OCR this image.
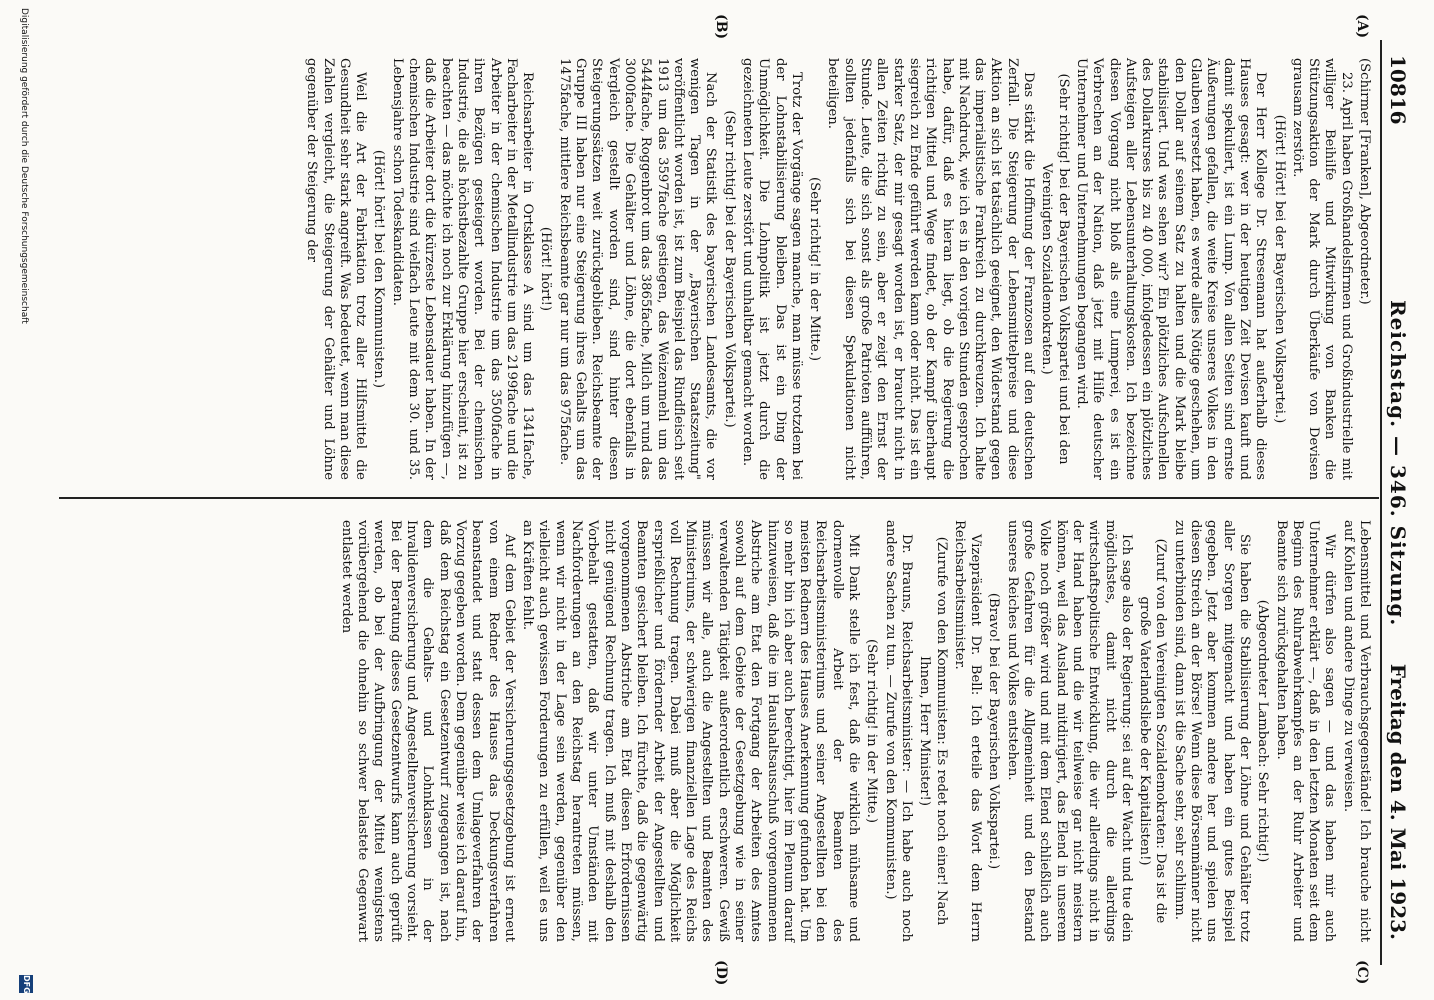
10816
Reichstag. — 346. Sitzung.
Freitag den 4. Mai 1923.
(A)
(B)
(C)
(D)

(Schirmer [Franken], Abgeordneter.)

23. April haben Großhandelsfirmen und Großindustrielle mit williger Beihilfe und Mitwirkung von Banken die Stützungsaktion der Mark durch Überkäufe von Devisen grausam zerstört.

(Hört! Hört! bei der Bayerischen Volkspartei.)

Der Herr Kollege Dr. Stresemann hat außerhalb dieses Hauses gesagt: wer in der heutigen Zeit Devisen kauft und damit spekuliert, ist ein Lump. Von allen Seiten sind ernste Äußerungen gefallen, die weite Kreise unseres Volkes in den Glauben versetzt haben, es werde alles Nötige geschehen, um den Dollar auf seinem Satz zu halten und die Mark bleibe stabilisiert. Und was sehen wir? Ein plötzliches Aufschnellen des Dollarkurses bis zu 40 000, infolgedessen ein plötzliches Aufsteigen aller Lebensunterhaltungskosten. Ich bezeichne diesen Vorgang nicht bloß als eine Lumperei, es ist ein Verbrechen an der Nation, daß jetzt mit Hilfe deutscher Unternehmer und Unternehmungen begangen wird.

(Sehr richtig! bei der Bayerischen Volkspartei und bei den Vereinigten Sozialdemokraten.)

Das stärkt die Hoffnung der Franzosen auf den deutschen Zerfall. Die Steigerung der Lebensmittelpreise und diese Aktion an sich ist tatsächlich geeignet, den Widerstand gegen das imperialistische Frankreich zu durchkreuzen. Ich halte mit Nachdruck, wie ich es in den vorigen Stunden gesprochen habe, dafür, daß es hieran liegt, ob die Regierung die richtigen Mittel und Wege findet, ob der Kampf überhaupt siegreich zu Ende geführt werden kann oder nicht. Das ist ein starker Satz, der mir gesagt worden ist, er braucht nicht in allen Zeiten richtig zu sein, aber er zeigt den Ernst der Stunde. Leute, die sich sonst als große Patrioten aufführen, sollten jedenfalls sich bei diesen Spekulationen nicht beteiligen.

(Sehr richtig! in der Mitte.)

Trotz der Vorgänge sagen manche, man müsse trotzdem bei der Lohnstabilisierung bleiben. Das ist ein Ding der Unmöglichkeit. Die Lohnpolitik ist jetzt durch die gezeichneten Leute zerstört und unhaltbar gemacht worden.

(Sehr richtig! bei der Bayerischen Volkspartei.)

Nach der Statistik des bayerischen Landesamts, die vor wenigen Tagen in der „Bayerischen Staatszeitung" veröffentlicht worden ist, ist zum Beispiel das Rindfleisch seit 1913 um das 3597fache gestiegen, das Weizenmehl um das 5444fache, Roggenbrot um das 3865fache, Milch um rund das 3000fache. Die Gehälter und Löhne, die dort ebenfalls in Vergleich gestellt worden sind, sind hinter diesen Steigerungssätzen weit zurückgeblieben. Reichsbeamte der Gruppe III haben nur eine Steigerung ihres Gehalts um das 1475fache, mittlere Reichsbeamte gar nur um das 975fache.

(Hört! hört!)

Reichsarbeiter in Ortsklasse A sind um das 1341fache, Facharbeiter in der Metallindustrie um das 2199fache und die Arbeiter in der chemischen Industrie um das 3500fache in ihren Bezügen gesteigert worden. Bei der chemischen Industrie, die als höchstbezahlte Gruppe hier erscheint, ist zu beachten — das möchte ich noch zur Erklärung hinzufügen —, daß die Arbeiter dort die kürzeste Lebensdauer haben. In der chemischen Industrie sind vielfach Leute mit dem 30. und 35. Lebensjahre schon Todeskandidaten.

(Hört! hört! bei den Kommunisten.)

Weil die Art der Fabrikation trotz aller Hilfsmittel die Gesundheit sehr stark angreift. Was bedeutet, wenn man diese Zahlen vergleicht, die Steigerung der Gehälter und Löhne gegenüber der Steigerung der

Lebensmittel und Verbrauchsgegenstände! Ich brauche nicht auf Kohlen und andere Dinge zu verweisen.

Wir dürfen also sagen — und das haben mir auch Unternehmer erklärt —, daß in den letzten Monaten seit dem Beginn des Ruhrabwehrkampfes an der Ruhr Arbeiter und Beamte sich zurückgehalten haben.

(Abgeordneter Lambach: Sehr richtig!)

Sie haben die Stabilisierung der Löhne und Gehälter trotz aller Sorgen mitgemacht und haben ein gutes Beispiel gegeben. Jetzt aber kommen andere her und spielen uns diesen Streich an der Börse! Wenn diese Börsenmänner nicht zu unterbinden sind, dann ist die Sache sehr, sehr schlimm.

(Zuruf von den Vereinigten Sozialdemokraten: Das ist die große Vaterlandsliebe der Kapitalisten!)

Ich sage also der Regierung: sei auf der Wacht und tue dein möglichstes, damit nicht durch die allerdings wirtschaftspolitische Entwicklung, die wir allerdings nicht in der Hand haben und die wir teilweise gar nicht meistern können, weil das Ausland mitdirigiert, das Elend in unserem Volke noch größer wird und mit dem Elend schließlich auch große Gefahren für die Allgemeinheit und den Bestand unseres Reiches und Volkes entstehen.

(Bravo! bei der Bayerischen Volkspartei.)

Vizepräsident Dr. Bell: Ich erteile das Wort dem Herrn Reichsarbeitsminister.

(Zurufe von den Kommunisten: Es redet noch einer! Nach Ihnen, Herr Minister!)

Dr. Brauns, Reichsarbeitsminister: — Ich habe auch noch andere Sachen zu tun. — Zurufe von den Kommunisten.)

(Sehr richtig! in der Mitte.)

Mit Dank stelle ich fest, daß die wirklich mühsame und dornenvolle Arbeit der Beamten des Reichsarbeitsministeriums und seiner Angestellten bei den meisten Rednern des Hauses Anerkennung gefunden hat. Um so mehr bin ich aber auch berechtigt, hier im Plenum darauf hinzuweisen, daß die im Haushaltsausschuß vorgenommenen Abstriche am Etat den Fortgang der Arbeiten des Amtes sowohl auf dem Gebiete der Gesetzgebung wie in seiner verwaltenden Tätigkeit außerordentlich erschweren. Gewiß müssen wir alle, auch die Angestellten und Beamten des Ministeriums, der schwierigen finanziellen Lage des Reichs voll Rechnung tragen. Dabei muß aber die Möglichkeit ersprießlicher und fördernder Arbeit der Angestellten und Beamten gesichert bleiben. Ich fürchte, daß die gegenwärtig vorgenommenen Abstriche am Etat diesen Erfordernissen nicht genügend Rechnung tragen. Ich muß mit deshalb den Vorbehalt gestatten, daß wir unter Umständen mit Nachforderungen an den Reichstag herantreten müssen, wenn wir nicht in der Lage sein werden, gegenüber den vielleicht auch gewissen Forderungen zu erfüllen, weil es uns an Kräften fehlt.

Auf dem Gebiet der Versicherungsgesetzgebung ist erneut von einem Redner des Hauses das Deckungsverfahren beanstandet und statt dessen dem Umlageverfahren der Vorzug gegeben worden. Dem gegenüber weise ich darauf hin, daß dem Reichstag ein Gesetzentwurf zugegangen ist, nach dem die Gehalts- und Lohnklassen in der Invalidenversicherung und Angestelltenversicherung vorsieht. Bei der Beratung dieses Gesetzentwurfs kann auch geprüft werden, ob bei der Aufbringung der Mittel wenigstens vorübergehend die ohnehin so schwer belastete Gegenwart entlastet werden

Digitalisierung gefördert durch die Deutsche Forschungsgemeinschaft
DFG
